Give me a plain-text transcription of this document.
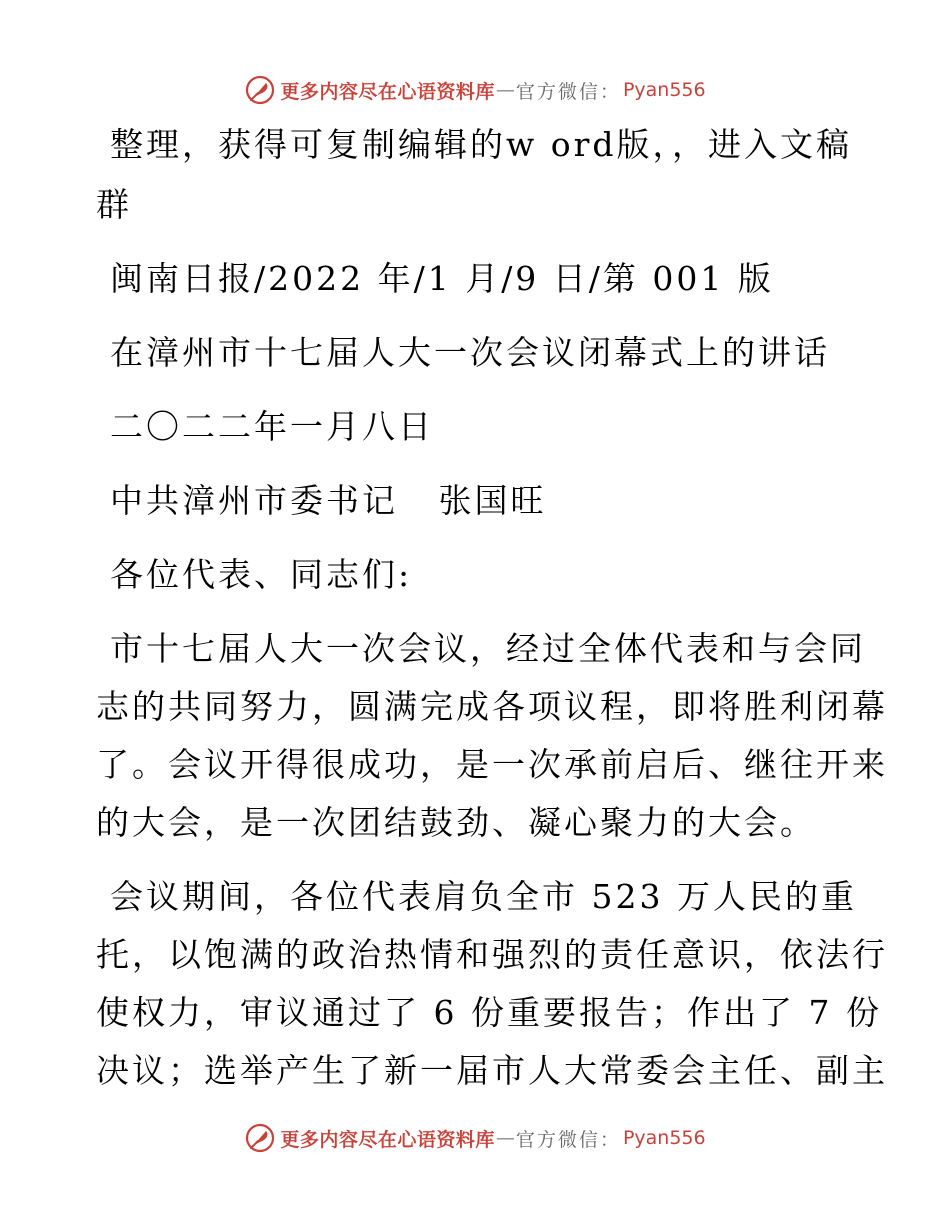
更多内容尽在心语资料库 — 官方微信： Pyan556
整理，获得可复制编辑的w ord版，，进入文稿
群
闽南日报/2022 年/1 月/9 日/第 001 版
在漳州市十七届人大一次会议闭幕式上的讲话
二〇二二年一月八日
中共漳州市委书记   张国旺
各位代表、同志们:
市十七届人大一次会议，经过全体代表和与会同
志的共同努力，圆满完成各项议程，即将胜利闭幕
了。会议开得很成功，是一次承前启后、继往开来
的大会，是一次团结鼓劲、凝心聚力的大会。
会议期间，各位代表肩负全市 523 万人民的重
托，以饱满的政治热情和强烈的责任意识，依法行
使权力，审议通过了 6 份重要报告；作出了 7 份
决议；选举产生了新一届市人大常委会主任、副主
更多内容尽在心语资料库 — 官方微信： Pyan556
